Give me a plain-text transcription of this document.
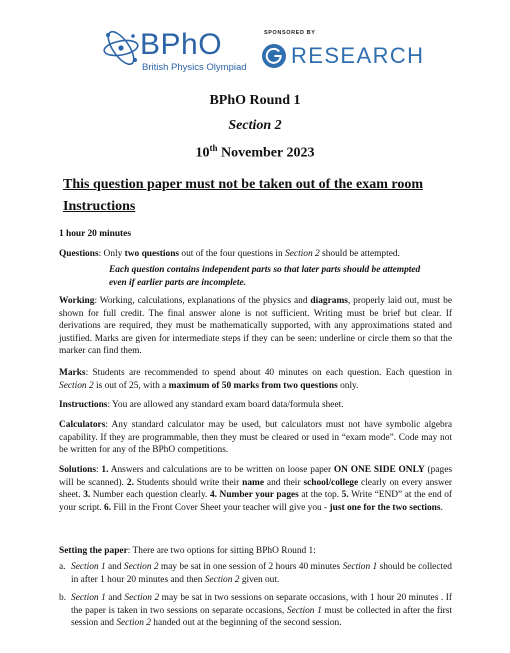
BPhO
British Physics Olympiad
SPONSORED BY
RESEARCH
BPhO Round 1
Section 2
10th November 2023
This question paper must not be taken out of the exam room
Instructions
1 hour 20 minutes
Questions: Only two questions out of the four questions in Section 2 should be attempted.
Each question contains independent parts so that later parts should be attempted even if earlier parts are incomplete.
Working: Working, calculations, explanations of the physics and diagrams, properly laid out, must be shown for full credit. The final answer alone is not sufficient. Writing must be brief but clear. If derivations are required, they must be mathematically supported, with any approximations stated and justified. Marks are given for intermediate steps if they can be seen: underline or circle them so that the marker can find them.
Marks: Students are recommended to spend about 40 minutes on each question. Each question in Section 2 is out of 25, with a maximum of 50 marks from two questions only.
Instructions: You are allowed any standard exam board data/formula sheet.
Calculators: Any standard calculator may be used, but calculators must not have symbolic algebra capability. If they are programmable, then they must be cleared or used in “exam mode”. Code may not be written for any of the BPhO competitions.
Solutions: 1. Answers and calculations are to be written on loose paper ON ONE SIDE ONLY (pages will be scanned). 2. Students should write their name and their school/college clearly on every answer sheet. 3. Number each question clearly. 4. Number your pages at the top. 5. Write “END” at the end of your script. 6. Fill in the Front Cover Sheet your teacher will give you - just one for the two sections.
Setting the paper: There are two options for sitting BPhO Round 1:
a. Section 1 and Section 2 may be sat in one session of 2 hours 40 minutes Section 1 should be collected in after 1 hour 20 minutes and then Section 2 given out.
b. Section 1 and Section 2 may be sat in two sessions on separate occasions, with 1 hour 20 minutes . If the paper is taken in two sessions on separate occasions, Section 1 must be collected in after the first session and Section 2 handed out at the beginning of the second session.
